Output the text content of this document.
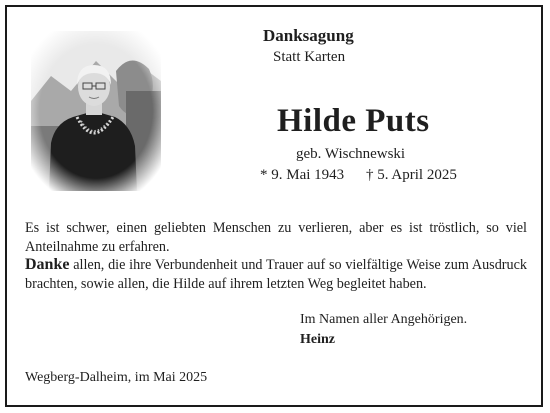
Danksagung
Statt Karten
Hilde Puts
geb. Wischnewski
* 9. Mai 1943 † 5. April 2025
Es ist schwer, einen geliebten Menschen zu verlieren, aber es ist tröstlich, so viel Anteilnahme zu erfahren.
Danke allen, die ihre Verbundenheit und Trauer auf so vielfältige Weise zum Ausdruck brachten, sowie allen, die Hilde auf ihrem letzten Weg begleitet haben.
Im Namen aller Angehörigen.
Heinz
Wegberg-Dalheim, im Mai 2025
